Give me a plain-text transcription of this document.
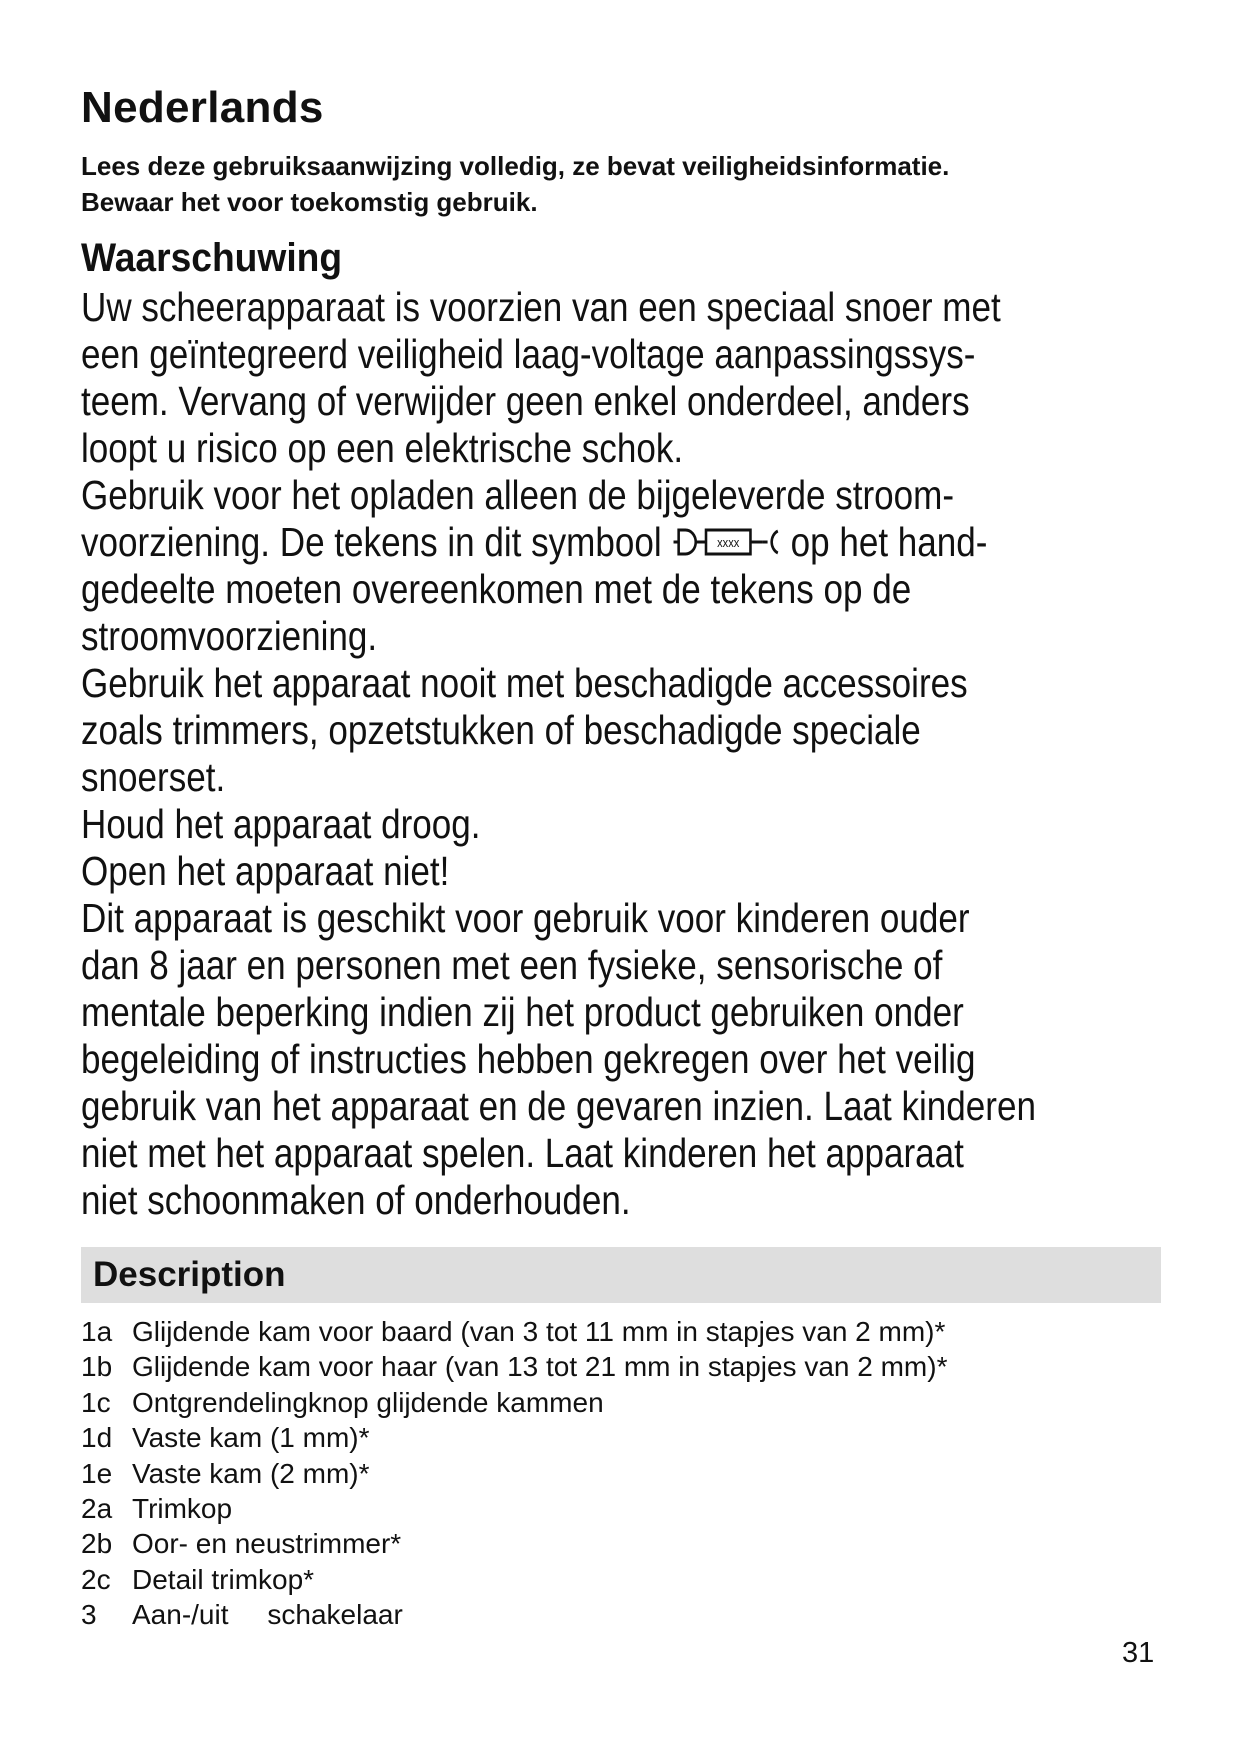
Nederlands
Lees deze gebruiksaanwijzing volledig, ze bevat veiligheidsinformatie.
Bewaar het voor toekomstig gebruik.
Waarschuwing
Uw scheerapparaat is voorzien van een speciaal snoer met
een geïntegreerd veiligheid laag-voltage aanpassingssys-
teem. Vervang of verwijder geen enkel onderdeel, anders
loopt u risico op een elektrische schok.
Gebruik voor het opladen alleen de bijgeleverde stroom-
voorziening. De tekens in dit symbool	xxxx op het hand-
gedeelte moeten overeenkomen met de tekens op de
stroomvoorziening.
Gebruik het apparaat nooit met beschadigde accessoires
zoals trimmers, opzetstukken of beschadigde speciale
snoerset.
Houd het apparaat droog.
Open het apparaat niet!
Dit apparaat is geschikt voor gebruik voor kinderen ouder
dan 8 jaar en personen met een fysieke, sensorische of
mentale beperking indien zij het product gebruiken onder
begeleiding of instructies hebben gekregen over het veilig
gebruik van het apparaat en de gevaren inzien. Laat kinderen
niet met het apparaat spelen. Laat kinderen het apparaat
niet schoonmaken of onderhouden.
Description
1a Glijdende kam voor baard (van 3 tot 11 mm in stapjes van 2 mm)*
1b Glijdende kam voor haar (van 13 tot 21 mm in stapjes van 2 mm)*
1c Ontgrendelingknop glijdende kammen
1d Vaste kam (1 mm)*
1e Vaste kam (2 mm)*
2a Trimkop
2b Oor- en neustrimmer*
2c Detail trimkop*
3 Aan-/uit     schakelaar
31
